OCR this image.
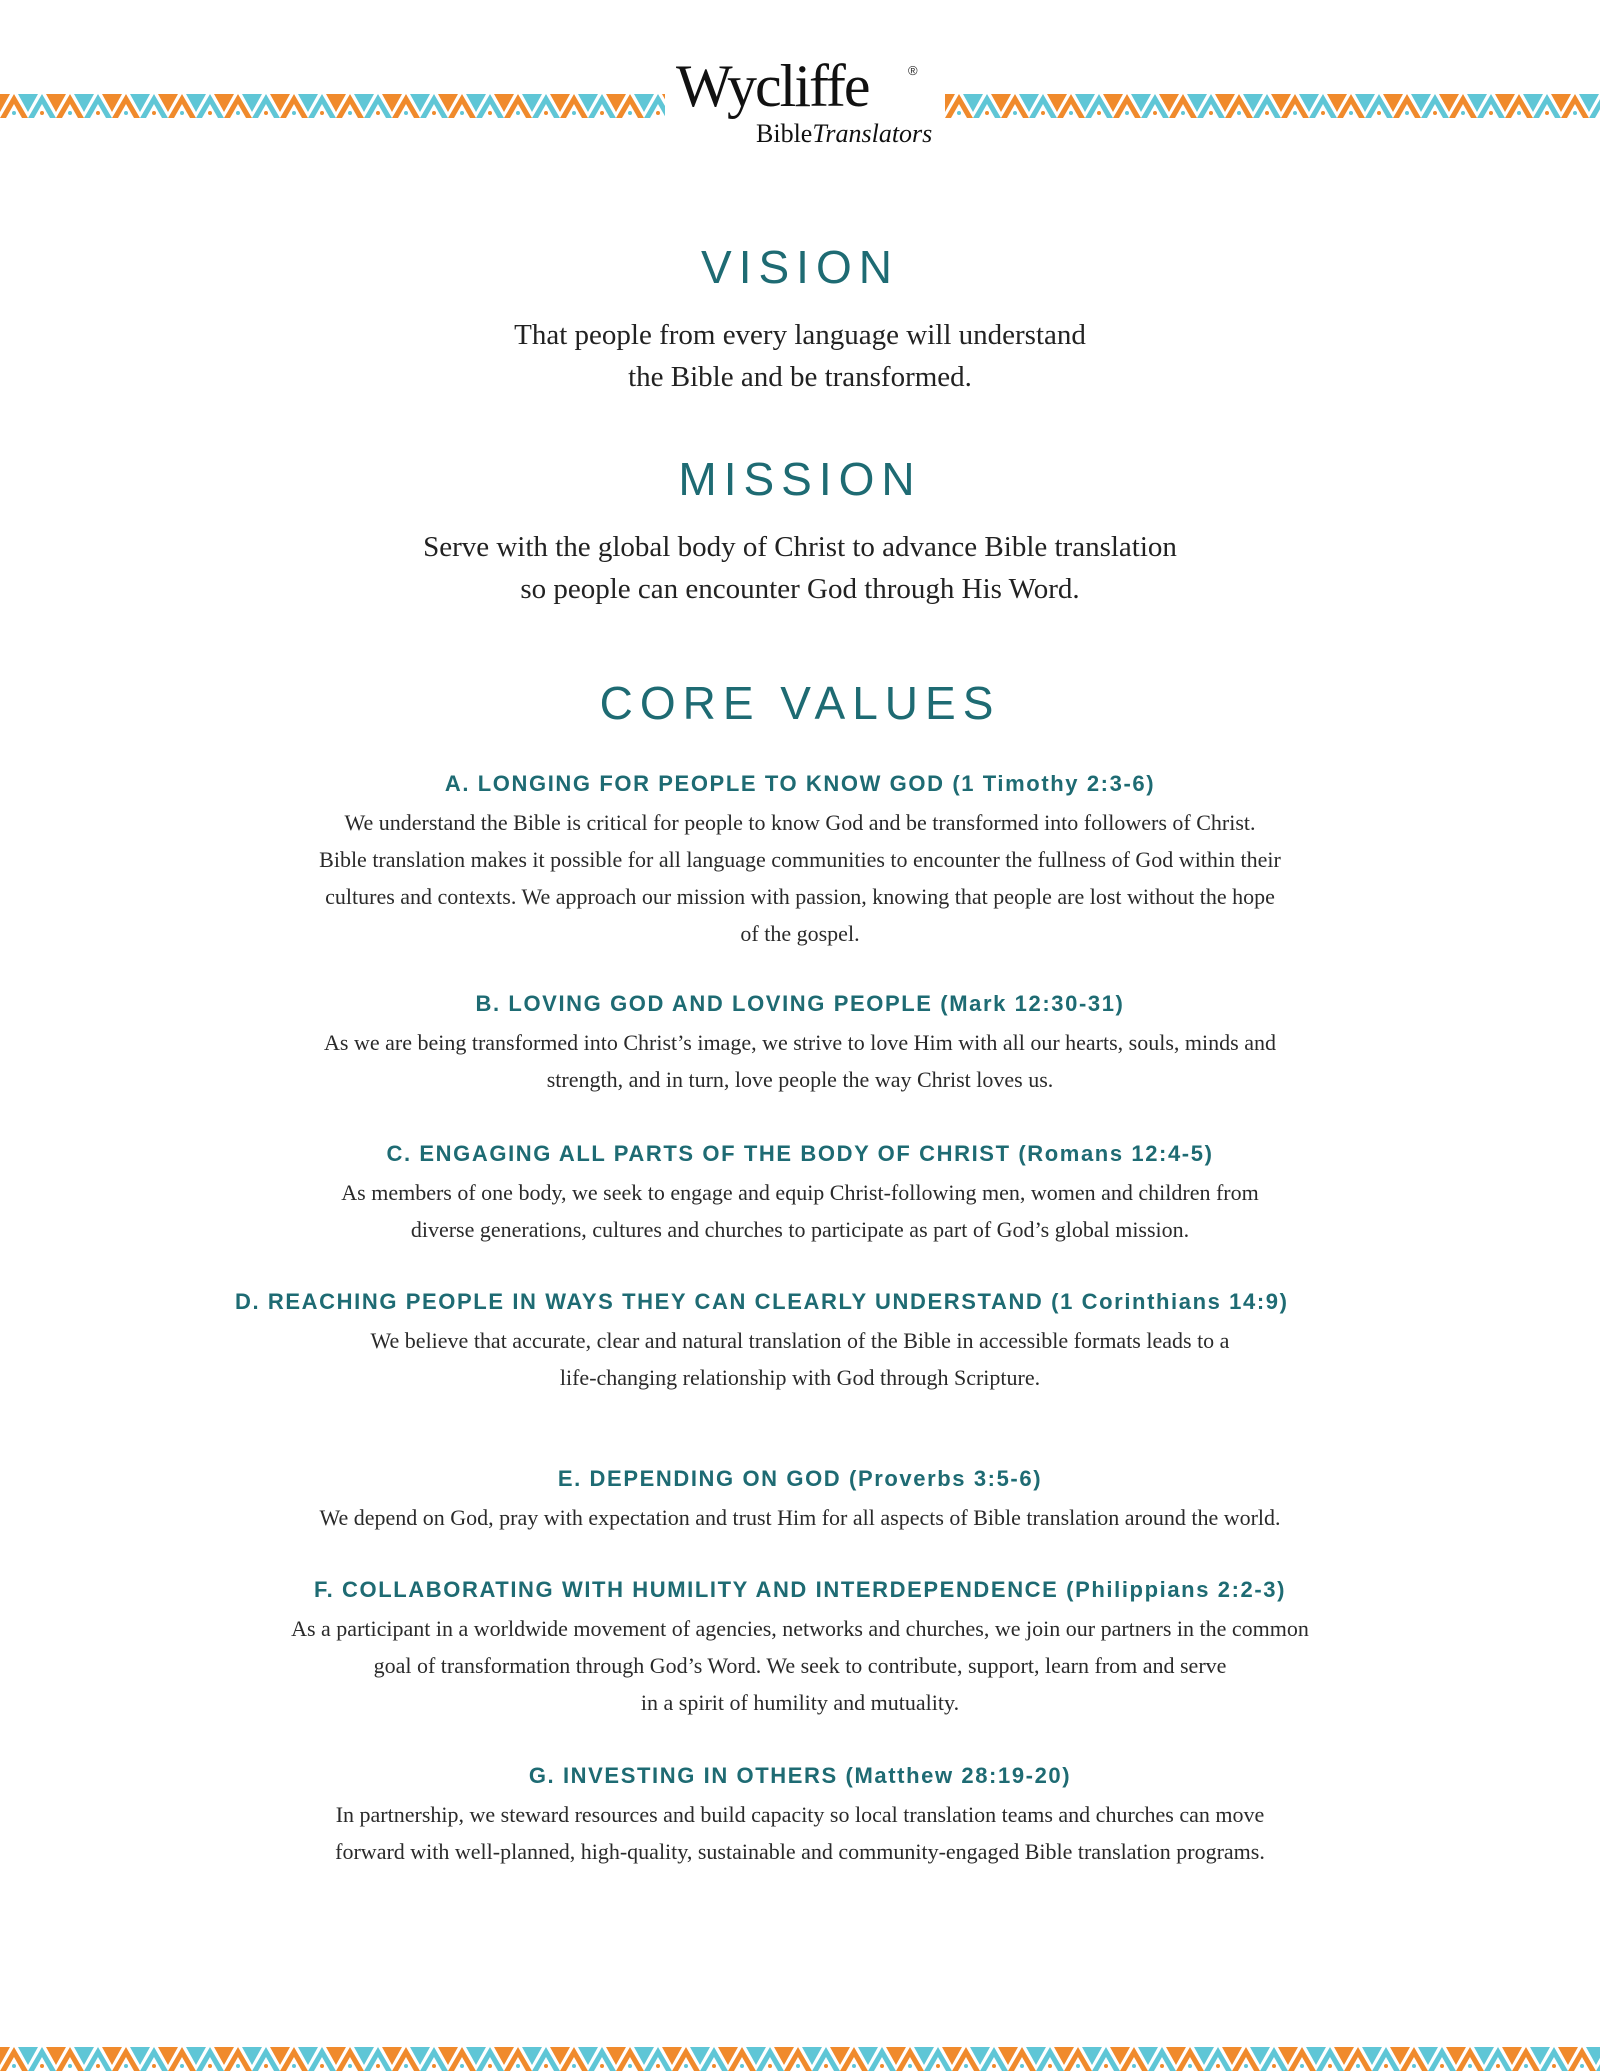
Wycliffe	®
BibleTranslators
VISION
That people from every language will understand
the Bible and be transformed.
MISSION
Serve with the global body of Christ to advance Bible translation
so people can encounter God through His Word.
CORE VALUES
A. LONGING FOR PEOPLE TO KNOW GOD (1 Timothy 2:3-6)

We understand the Bible is critical for people to know God and be transformed into followers of Christ.
Bible translation makes it possible for all language communities to encounter the fullness of God within their
cultures and contexts. We approach our mission with passion, knowing that people are lost without the hope
of the gospel.

B. LOVING GOD AND LOVING PEOPLE (Mark 12:30-31)

As we are being transformed into Christ’s image, we strive to love Him with all our hearts, souls, minds and
strength, and in turn, love people the way Christ loves us.

C. ENGAGING ALL PARTS OF THE BODY OF CHRIST (Romans 12:4-5)

As members of one body, we seek to engage and equip Christ-following men, women and children from
diverse generations, cultures and churches to participate as part of God’s global mission.

D. REACHING PEOPLE IN WAYS THEY CAN CLEARLY UNDERSTAND (1 Corinthians 14:9)

We believe that accurate, clear and natural translation of the Bible in accessible formats leads to a
life-changing relationship with God through Scripture.

E. DEPENDING ON GOD (Proverbs 3:5-6)

We depend on God, pray with expectation and trust Him for all aspects of Bible translation around the world.

F. COLLABORATING WITH HUMILITY AND INTERDEPENDENCE (Philippians 2:2-3)

As a participant in a worldwide movement of agencies, networks and churches, we join our partners in the common
goal of transformation through God’s Word. We seek to contribute, support, learn from and serve
in a spirit of humility and mutuality.

G. INVESTING IN OTHERS (Matthew 28:19-20)

In partnership, we steward resources and build capacity so local translation teams and churches can move
forward with well-planned, high-quality, sustainable and community-engaged Bible translation programs.
